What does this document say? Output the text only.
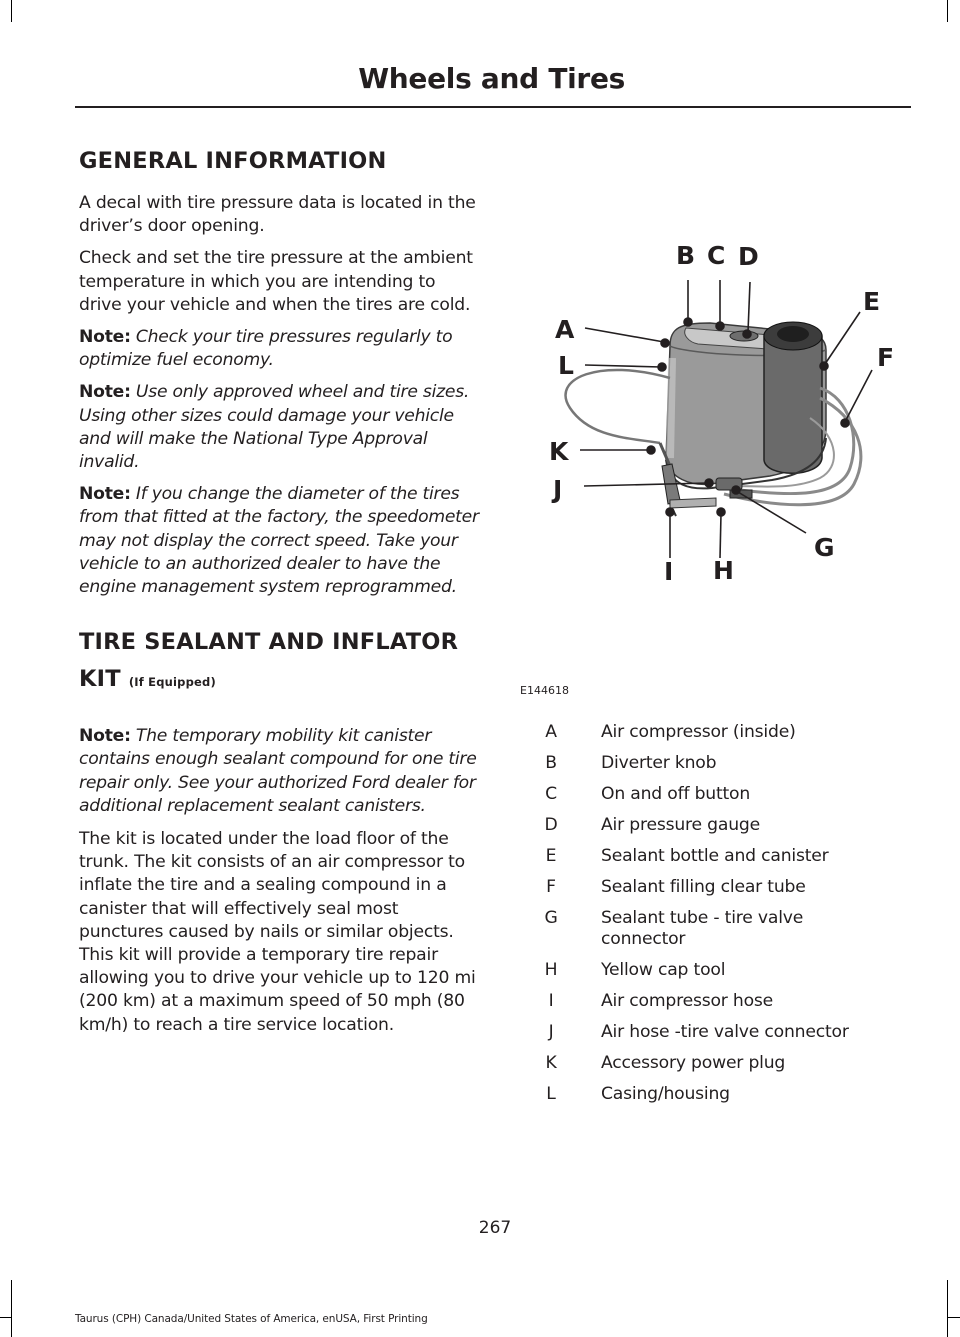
Wheels and Tires
GENERAL INFORMATION

A decal with tire pressure data is located in the driver’s door opening.

Check and set the tire pressure at the ambient temperature in which you are intending to drive your vehicle and when the tires are cold.

Note: Check your tire pressures regularly to optimize fuel economy.

Note: Use only approved wheel and tire sizes. Using other sizes could damage your vehicle and will make the National Type Approval invalid.

Note: If you change the diameter of the tires from that fitted at the factory, the speedometer may not display the correct speed. Take your vehicle to an authorized dealer to have the engine management system reprogrammed.

TIRE SEALANT AND INFLATOR
KIT (If Equipped)

Note: The temporary mobility kit canister contains enough sealant compound for one tire repair only. See your authorized Ford dealer for additional replacement sealant canisters.

The kit is located under the load floor of the trunk. The kit consists of an air compressor to inflate the tire and a sealing compound in a canister that will effectively seal most punctures caused by nails or similar objects. This kit will provide a temporary tire repair allowing you to drive your vehicle up to 120 mi (200 km) at a maximum speed of 50 mph (80 km/h) to reach a tire service location.

B C D
E
A
F
L
K
J
G
H
I
E144618
A	Air compressor (inside)
B	Diverter knob
C	On and off button
D	Air pressure gauge
E	Sealant bottle and canister
F	Sealant filling clear tube
G	Sealant tube - tire valve connector
H	Yellow cap tool
I	Air compressor hose
J	Air hose -tire valve connector
K	Accessory power plug
L	Casing/housing
267
Taurus (CPH) Canada/United States of America, enUSA, First Printing
